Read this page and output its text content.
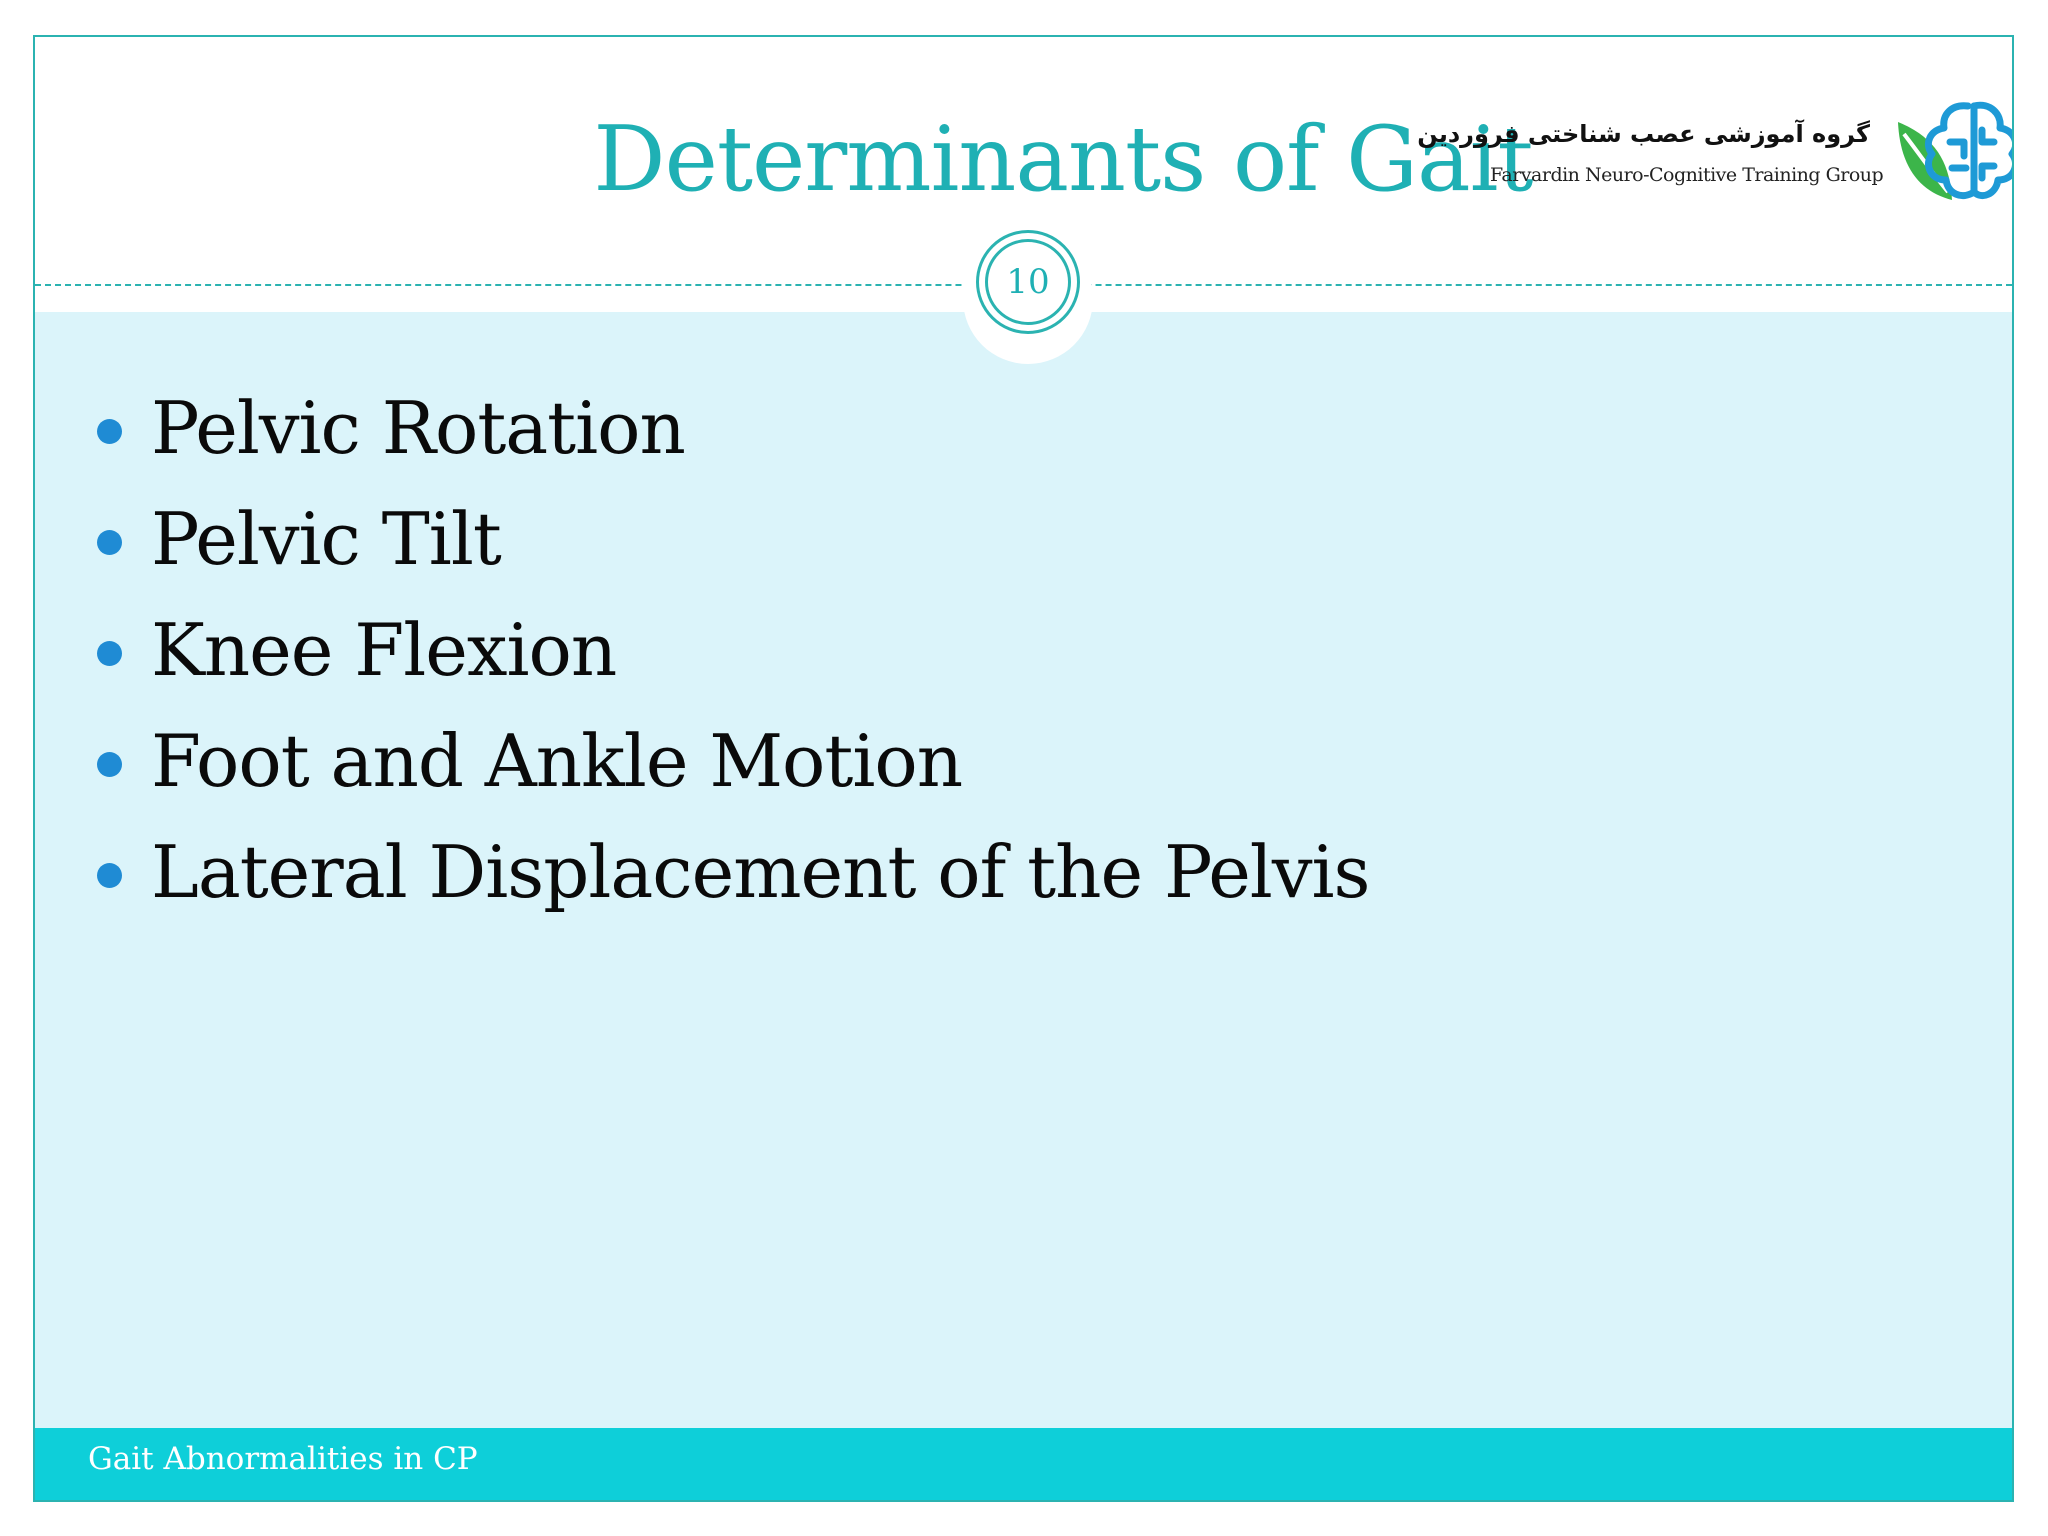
Determinants of Gait
گروه آموزشی عصب شناختی فروردین
Farvardin Neuro-Cognitive Training Group
10
Pelvic Rotation
Pelvic Tilt
Knee Flexion
Foot and Ankle Motion
Lateral Displacement of the Pelvis
Gait Abnormalities in CP
